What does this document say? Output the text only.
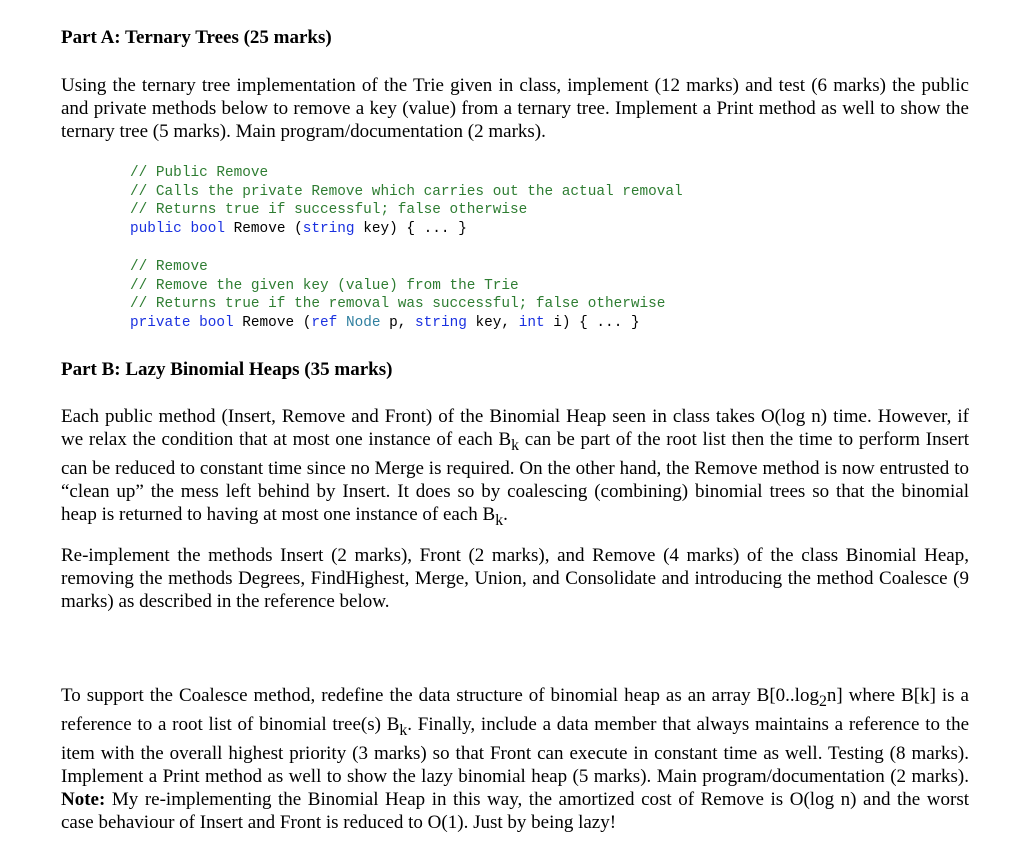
Part A: Ternary Trees (25 marks)

Using the ternary tree implementation of the Trie given in class, implement (12 marks) and test (6 marks) the public and private methods below to remove a key (value) from a ternary tree. Implement a Print method as well to show the ternary tree (5 marks). Main program/documentation (2 marks).

// Public Remove
// Calls the private Remove which carries out the actual removal
// Returns true if successful; false otherwise
public bool Remove (string key) { ... }
// Remove
// Remove the given key (value) from the Trie
// Returns true if the removal was successful; false otherwise
private bool Remove (ref Node p, string key, int i) { ... }
Part B: Lazy Binomial Heaps (35 marks)

Each public method (Insert, Remove and Front) of the Binomial Heap seen in class takes O(log n) time. However, if we relax the condition that at most one instance of each $B_k$ can be part of the root list then the time to perform Insert can be reduced to constant time since no Merge is required. On the other hand, the Remove method is now entrusted to “clean up” the mess left behind by Insert. It does so by coalescing (combining) binomial trees so that the binomial heap is returned to having at most one instance of each $B_k$.

Re-implement the methods Insert (2 marks), Front (2 marks), and Remove (4 marks) of the class Binomial Heap, removing the methods Degrees, FindHighest, Merge, Union, and Consolidate and introducing the method Coalesce (9 marks) as described in the reference below.

To support the Coalesce method, redefine the data structure of binomial heap as an array $B[0..\log_2n]$ where B[k] is a reference to a root list of binomial tree(s) $B_k$. Finally, include a data member that always maintains a reference to the item with the overall highest priority (3 marks) so that Front can execute in constant time as well. Testing (8 marks). Implement a Print method as well to show the lazy binomial heap (5 marks). Main program/documentation (2 marks). Note: My re-implementing the Binomial Heap in this way, the amortized cost of Remove is O(log n) and the worst case behaviour of Insert and Front is reduced to O(1). Just by being lazy!
